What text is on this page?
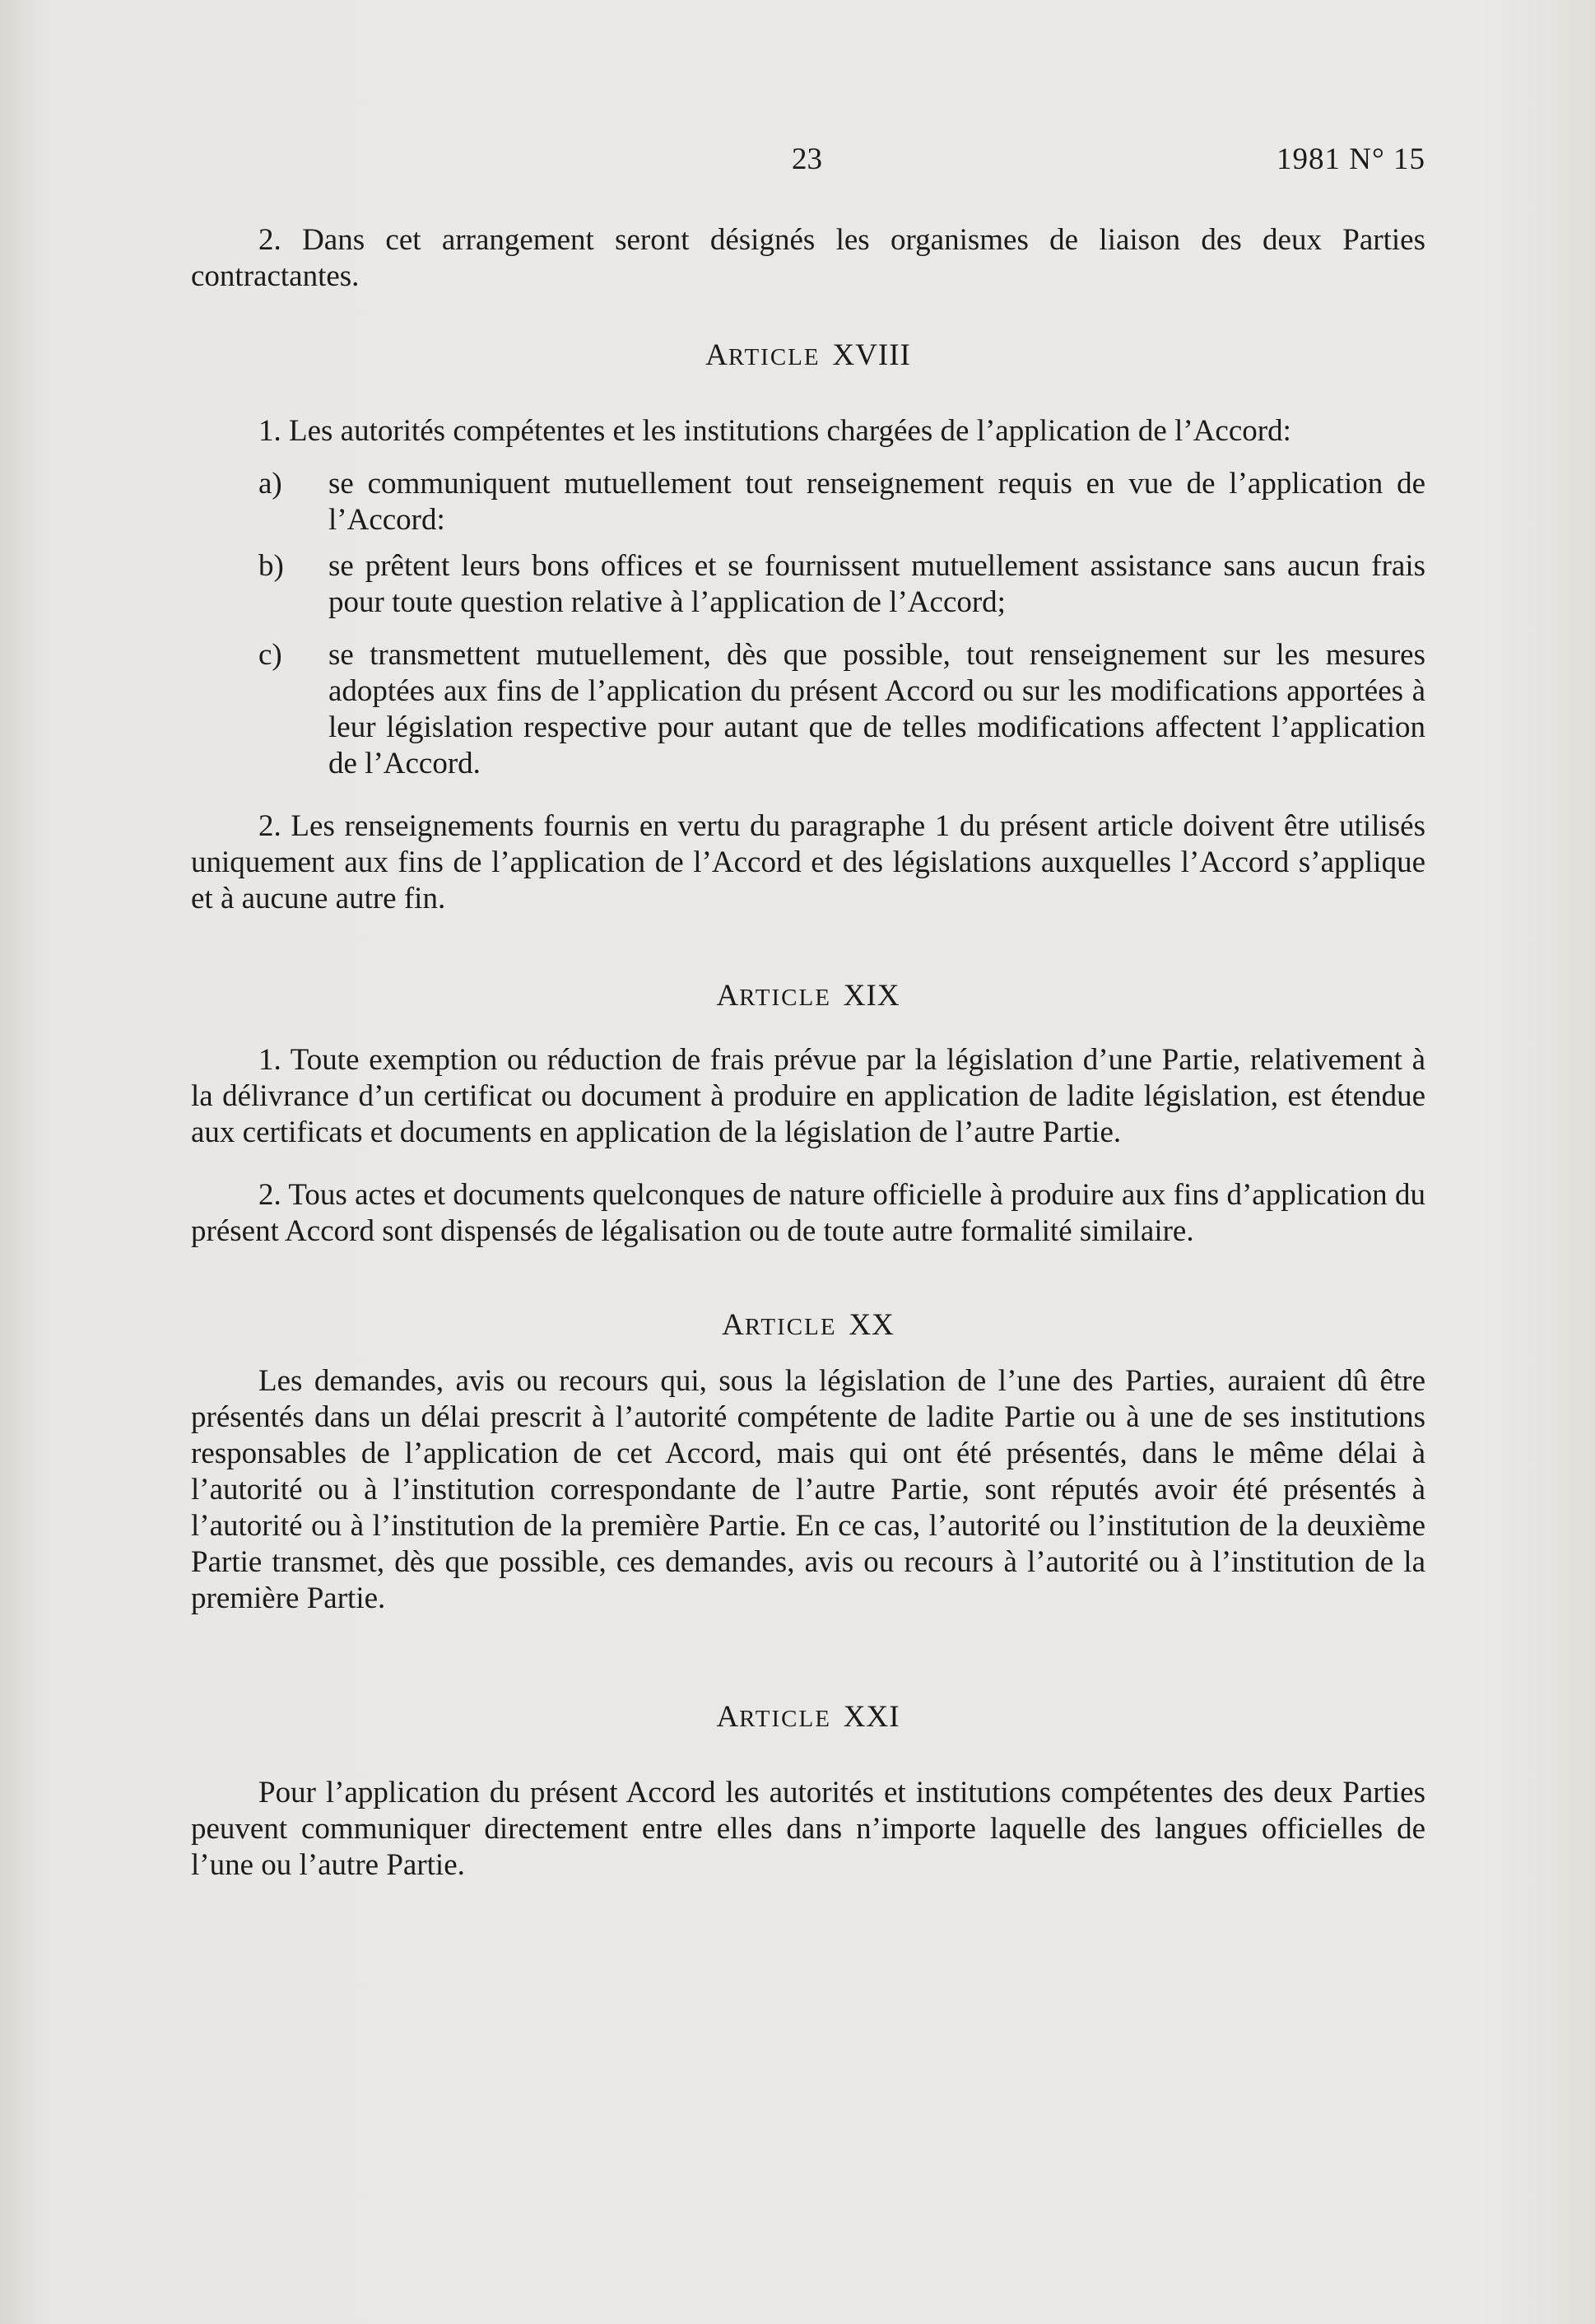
23	1981 N° 15

2. Dans cet arrangement seront désignés les organismes de liaison des deux Parties contractantes.

ARTICLE XVIII

1. Les autorités compétentes et les institutions chargées de l’application de l’Accord:

a) se communiquent mutuellement tout renseignement requis en vue de l’application de l’Accord:

b) se prêtent leurs bons offices et se fournissent mutuellement assistance sans aucun frais pour toute question relative à l’application de l’Accord;

c) se transmettent mutuellement, dès que possible, tout renseignement sur les mesures adoptées aux fins de l’application du présent Accord ou sur les modifications apportées à leur législation respective pour autant que de telles modifications affectent l’application de l’Accord.

2. Les renseignements fournis en vertu du paragraphe 1 du présent article doivent être utilisés uniquement aux fins de l’application de l’Accord et des législations auxquelles l’Accord s’applique et à aucune autre fin.

ARTICLE XIX

1. Toute exemption ou réduction de frais prévue par la législation d’une Partie, relativement à la délivrance d’un certificat ou document à produire en application de ladite législation, est étendue aux certificats et documents en application de la législation de l’autre Partie.

2. Tous actes et documents quelconques de nature officielle à produire aux fins d’application du présent Accord sont dispensés de légalisation ou de toute autre formalité similaire.

ARTICLE XX

Les demandes, avis ou recours qui, sous la législation de l’une des Parties, auraient dû être présentés dans un délai prescrit à l’autorité compétente de ladite Partie ou à une de ses institutions responsables de l’application de cet Accord, mais qui ont été présentés, dans le même délai à l’autorité ou à l’institution correspondante de l’autre Partie, sont réputés avoir été présentés à l’autorité ou à l’institution de la première Partie. En ce cas, l’autorité ou l’institution de la deuxième Partie transmet, dès que possible, ces demandes, avis ou recours à l’autorité ou à l’institution de la première Partie.

ARTICLE XXI

Pour l’application du présent Accord les autorités et institutions compétentes des deux Parties peuvent communiquer directement entre elles dans n’importe laquelle des langues officielles de l’une ou l’autre Partie.
